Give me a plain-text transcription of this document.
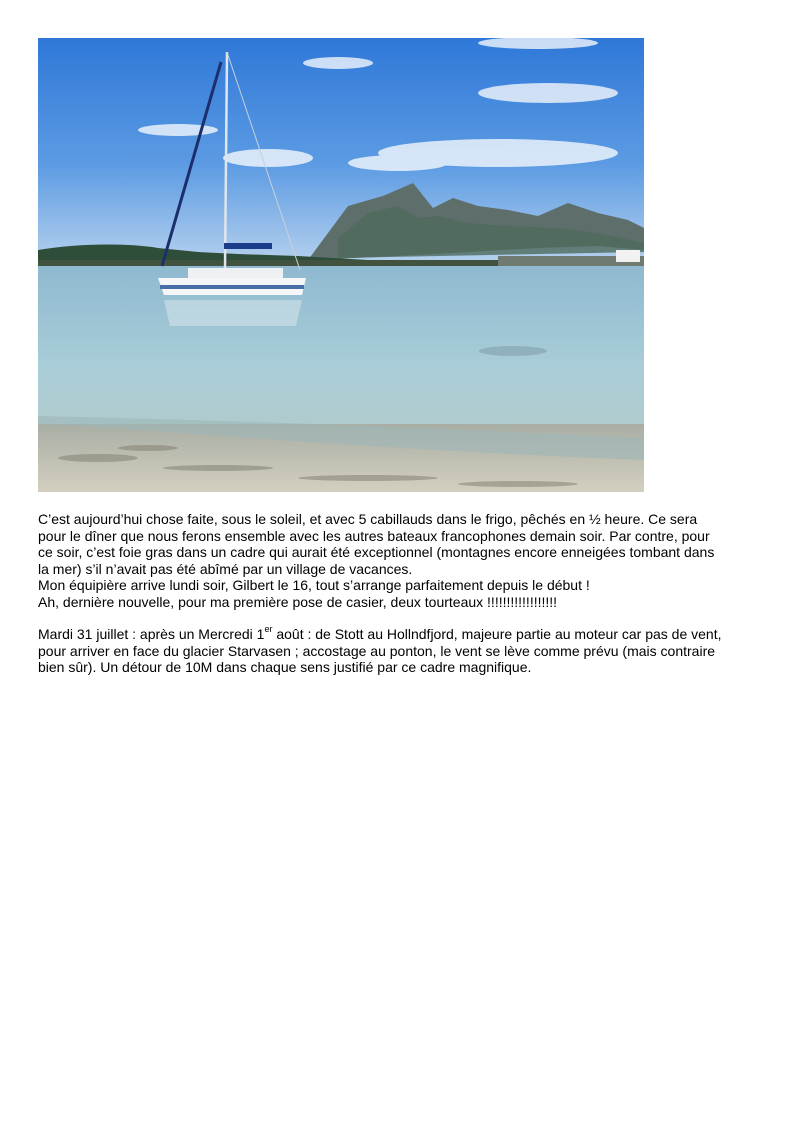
C’est aujourd’hui chose faite, sous le soleil, et avec 5 cabillauds dans le frigo, pêchés en ½ heure. Ce sera

pour le dîner que nous ferons ensemble avec les autres bateaux francophones demain soir. Par contre, pour

ce soir, c’est foie gras dans un cadre qui aurait été exceptionnel (montagnes encore enneigées tombant dans

la mer) s’il n’avait pas été abîmé par un village de vacances.

Mon équipière arrive lundi soir, Gilbert le 16, tout s’arrange parfaitement depuis le début !

Ah, dernière nouvelle, pour ma première pose de casier, deux tourteaux !!!!!!!!!!!!!!!!!!

Mardi 31 juillet : après un Mercredi 1er août : de Stott au Hollndfjord, majeure partie au moteur car pas de vent,

pour arriver en face du glacier Starvasen ; accostage au ponton, le vent se lève comme prévu (mais contraire

bien sûr). Un détour de 10M dans chaque sens justifié par ce cadre magnifique.
